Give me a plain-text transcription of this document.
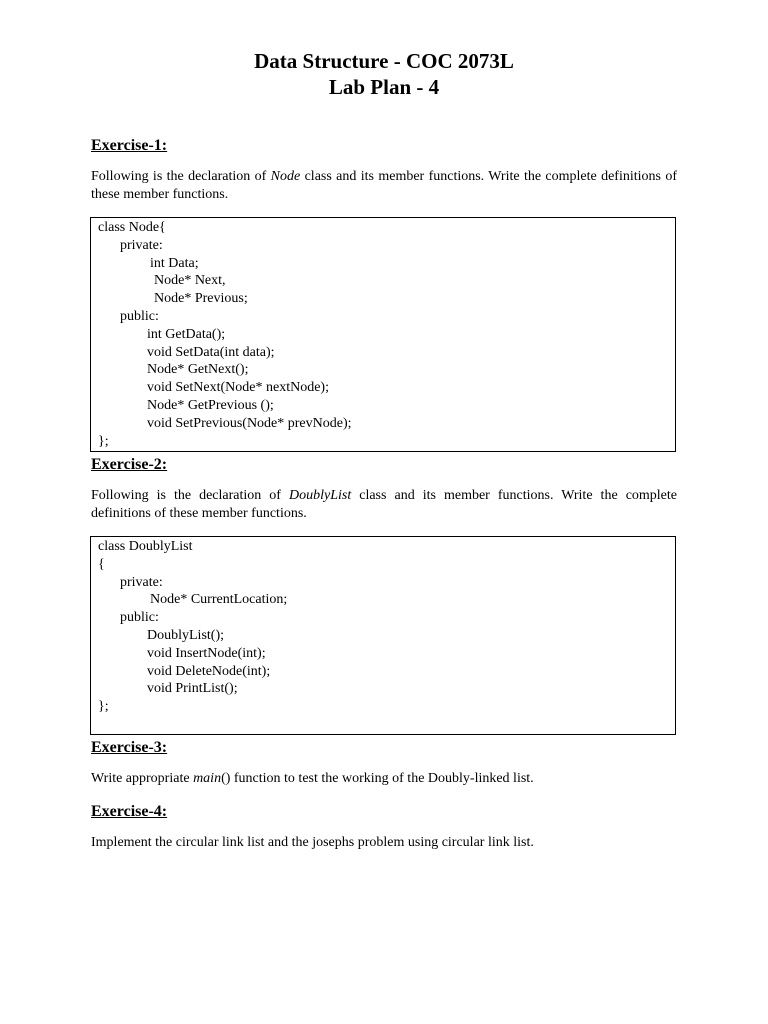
Data Structure - COC 2073L
Lab Plan - 4
Exercise-1:

Following is the declaration of Node class and its member functions. Write the complete definitions of these member functions.

class Node{
private:
int Data;
Node* Next,
Node* Previous;
public:
int GetData();
void SetData(int data);
Node* GetNext();
void SetNext(Node* nextNode);
Node* GetPrevious ();
void SetPrevious(Node* prevNode);
};
Exercise-2:

Following is the declaration of DoublyList class and its member functions. Write the complete definitions of these member functions.

class DoublyList
{
private:
Node* CurrentLocation;
public:
DoublyList();
void InsertNode(int);
void DeleteNode(int);
void PrintList();
};
Exercise-3:

Write appropriate main() function to test the working of the Doubly-linked list.

Exercise-4:

Implement the circular link list and the josephs problem using circular link list.
